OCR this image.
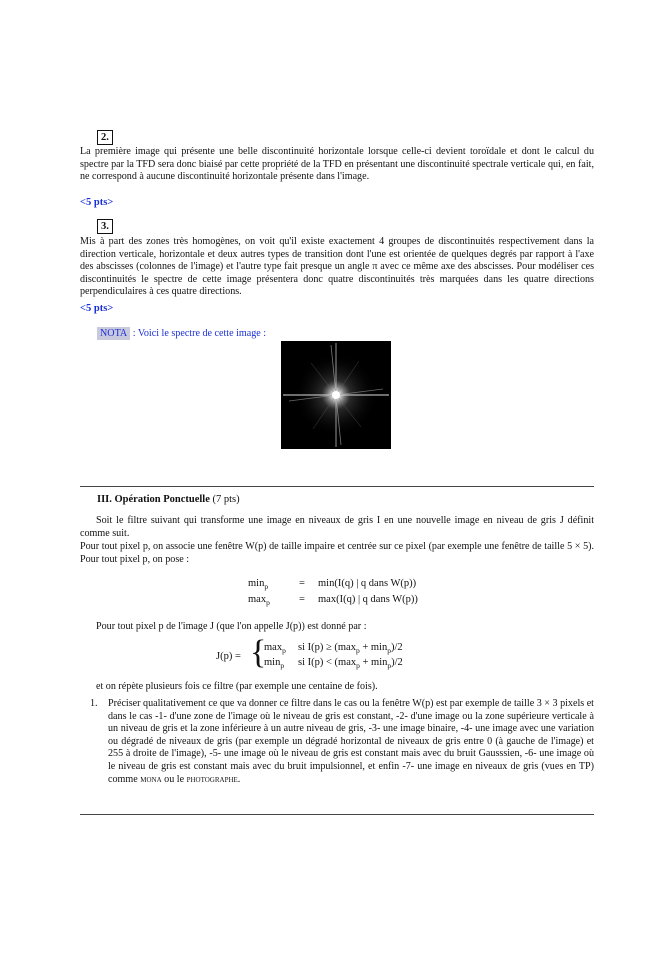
2.
La première image qui présente une belle discontinuité horizontale lorsque celle-ci devient toroïdale et dont le calcul du spectre par la TFD sera donc biaisé par cette propriété de la TFD en présentant une discontinuité spectrale verticale qui, en fait, ne correspond à aucune discontinuité horizontale présente dans l'image.
<5 pts>
3.
Mis à part des zones très homogènes, on voit qu'il existe exactement 4 groupes de discontinuités respectivement dans la direction verticale, horizontale et deux autres types de transition dont l'une est orientée de quelques degrés par rapport à l'axe des abscisses (colonnes de l'image) et l'autre type fait presque un angle π avec ce même axe des abscisses. Pour modéliser ces discontinuités le spectre de cette image présentera donc quatre discontinuités très marquées dans les quatre directions perpendiculaires à ces quatre directions.
<5 pts>
NOTA : Voici le spectre de cette image :
III. Opération Ponctuelle (7 pts)
Soit le filtre suivant qui transforme une image en niveaux de gris I en une nouvelle image en niveau de gris J définit comme suit.
Pour tout pixel p, on associe une fenêtre W(p) de taille impaire et centrée sur ce pixel (par exemple une fenêtre de taille 5 × 5). Pour tout pixel p, on pose :
$\min_p$	= min(I(q) | q dans W(p))
$\max_p$	= max(I(q) | q dans W(p))
Pour tout pixel p de l'image J (que l'on appelle J(p)) est donné par :
J(p) = {
$\max_p$ si $I(p) \ge (\max_p + \min_p)/2$
$\min_p$ si $I(p) < (\max_p + \min_p)/2$
et on répète plusieurs fois ce filtre (par exemple une centaine de fois).
1. Préciser qualitativement ce que va donner ce filtre dans le cas ou la fenêtre W(p) est par exemple de taille 3 × 3 pixels et dans le cas -1- d'une zone de l'image où le niveau de gris est constant, -2- d'une image ou la zone supérieure verticale à un niveau de gris et la zone inférieure à un autre niveau de gris, -3- une image binaire, -4- une image avec une variation ou dégradé de niveaux de gris (par exemple un dégradé horizontal de niveaux de gris entre 0 (à gauche de l'image) et 255 à droite de l'image), -5- une image où le niveau de gris est constant mais avec du bruit Gausssien, -6- une image où le niveau de gris est constant mais avec du bruit impulsionnel, et enfin -7- une image en niveaux de gris (vues en TP) comme mona ou le photographe.
